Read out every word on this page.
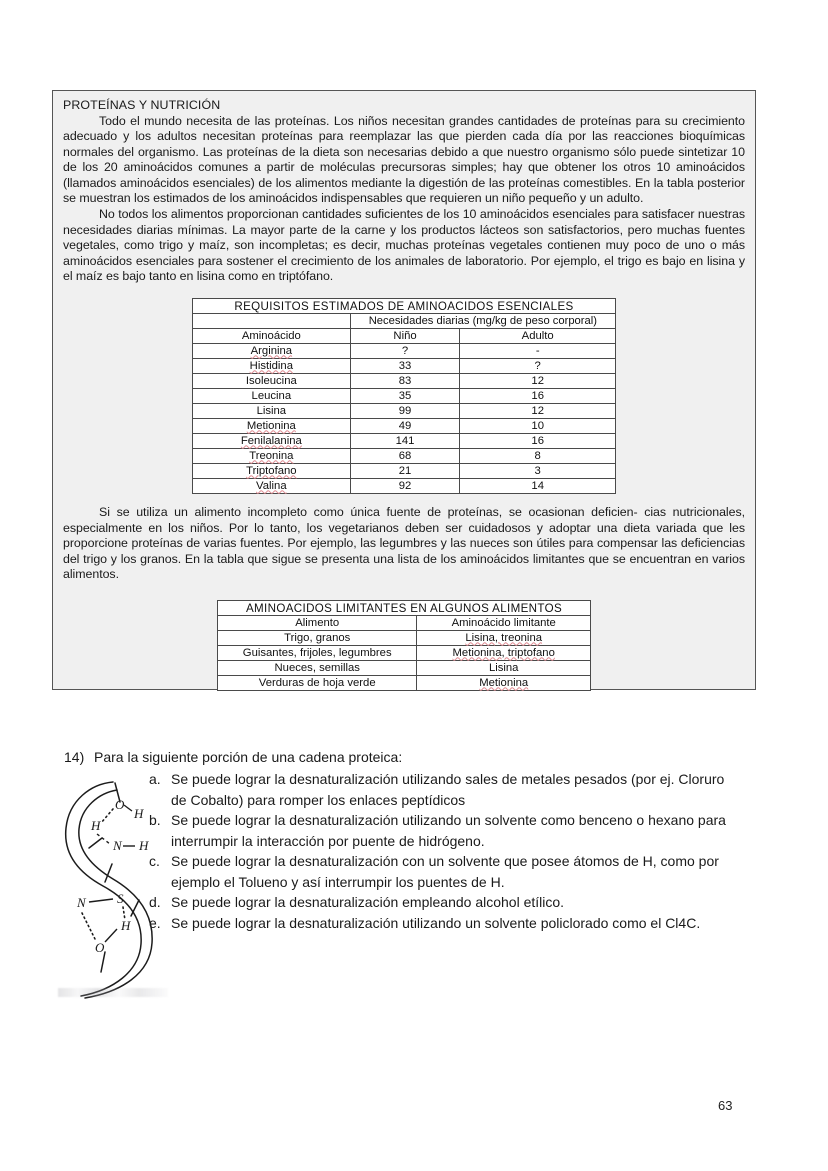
PROTEÍNAS Y NUTRICIÓN

Todo el mundo necesita de las proteínas. Los niños necesitan grandes cantidades de proteínas para su crecimiento adecuado y los adultos necesitan proteínas para reemplazar las que pierden cada día por las reacciones bioquímicas normales del organismo. Las proteínas de la dieta son necesarias debido a que nuestro organismo sólo puede sintetizar 10 de los 20 aminoácidos comunes a partir de moléculas precursoras simples; hay que obtener los otros 10 aminoácidos (llamados aminoácidos esenciales) de los alimentos mediante la digestión de las proteínas comestibles. En la tabla posterior se muestran los estimados de los aminoácidos indispensables que requieren un niño pequeño y un adulto.

No todos los alimentos proporcionan cantidades suficientes de los 10 aminoácidos esenciales para satisfacer nuestras necesidades diarias mínimas. La mayor parte de la carne y los productos lácteos son satisfactorios, pero muchas fuentes vegetales, como trigo y maíz, son incompletas; es decir, muchas proteínas vegetales contienen muy poco de uno o más aminoácidos esenciales para sostener el crecimiento de los animales de laboratorio. Por ejemplo, el trigo es bajo en lisina y el maíz es bajo tanto en lisina como en triptófano.

REQUISITOS ESTIMADOS DE AMINOACIDOS ESENCIALES		
	Necesidades diarias (mg/kg de peso corporal)	
Aminoácido	Niño	Adulto
Arginina	?	-
Histidina	33	?
Isoleucina	83	12
Leucina	35	16
Lisina	99	12
Metionina	49	10
Fenilalanina	141	16
Treonina	68	8
Triptofano	21	3
Valina	92	14

Si se utiliza un alimento incompleto como única fuente de proteínas, se ocasionan deficien- cias nutricionales, especialmente en los niños. Por lo tanto, los vegetarianos deben ser cuidadosos y adoptar una dieta variada que les proporcione proteínas de varias fuentes. Por ejemplo, las legumbres y las nueces son útiles para compensar las deficiencias del trigo y los granos. En la tabla que sigue se presenta una lista de los aminoácidos limitantes que se encuentran en varios alimentos.

AMINOACIDOS LIMITANTES EN ALGUNOS ALIMENTOS	
Alimento	Aminoácido limitante
Trigo, granos	Lisina, treonina
Guisantes, frijoles, legumbres	Metionina, triptofano
Nueces, semillas	Lisina
Verduras de hoja verde	Metionina
14) Para la siguiente porción de una cadena proteica:
a. Se puede lograr la desnaturalización utilizando sales de metales pesados (por ej. Cloruro de Cobalto) para romper los enlaces peptídicos
b. Se puede lograr la desnaturalización utilizando un solvente como benceno o hexano para interrumpir la interacción por puente de hidrógeno.
c. Se puede lograr la desnaturalización con un solvente que posee átomos de H, como por ejemplo el Tolueno y así interrumpir los puentes de H.
d. Se puede lograr la desnaturalización empleando alcohol etílico.
e. Se puede lograr la desnaturalización utilizando un solvente policlorado como el Cl4C.
O
H
H
N H
N S
H
O
63
